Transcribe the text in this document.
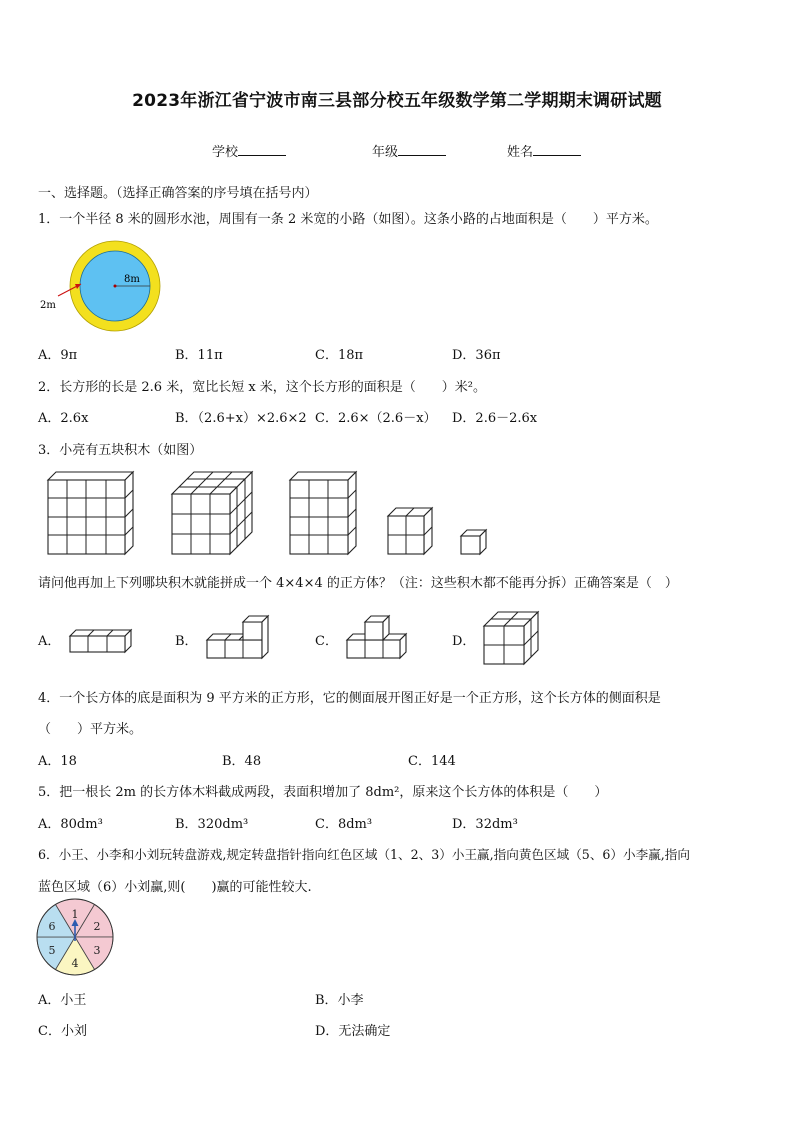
2023年浙江省宁波市南三县部分校五年级数学第二学期期末调研试题
学校	年级	姓名
一、选择题。（选择正确答案的序号填在括号内）
1．一个半径 8 米的圆形水池，周围有一条 2 米宽的小路（如图）。这条小路的占地面积是（　　）平方米。
8m
2m
A．9π	B．11π	C．18π	D．36π
2．长方形的长是 2.6 米，宽比长短 x 米，这个长方形的面积是（　　）米²。
A．2.6x	B．（2.6+x）×2.6×2 C．2.6×（2.6－x） D．2.6－2.6x
3．小亮有五块积木（如图）
请问他再加上下列哪块积木就能拼成一个 4×4×4 的正方体？（注：这些积木都不能再分拆）正确答案是（　）
A．	B．	C．	D．
4．一个长方体的底是面积为 9 平方米的正方形，它的侧面展开图正好是一个正方形，这个长方体的侧面积是
（　　）平方米。
A．18	B．48	C．144
5．把一根长 2m 的长方体木料截成两段，表面积增加了 8dm²，原来这个长方体的体积是（　　）
A．80dm³	B．320dm³	C．8dm³	D．32dm³
6．小王、小李和小刘玩转盘游戏,规定转盘指针指向红色区域（1、2、3）小王赢,指向黄色区域（5、6）小李赢,指向
蓝色区域（6）小刘赢,则(　　)赢的可能性较大.
1
2
3
4
5
6
A．小王	B．小李
C．小刘	D．无法确定
